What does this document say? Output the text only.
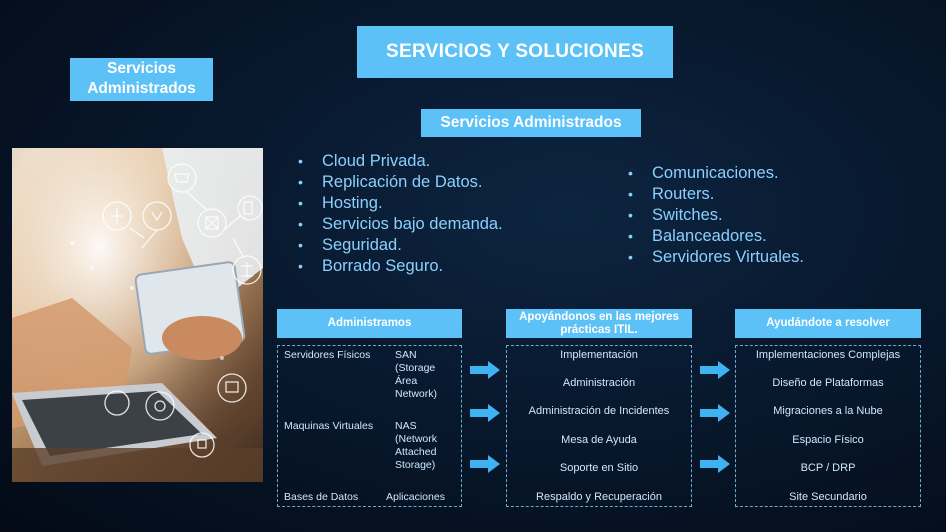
SERVICIOS Y SOLUCIONES
Servicios Administrados
Servicios Administrados
• Cloud Privada.
• Replicación de Datos.
• Hosting.
• Servicios bajo demanda.
• Seguridad.
• Borrado Seguro.
• Comunicaciones.
• Routers.
• Switches.
• Balanceadores.
• Servidores Virtuales.
Administramos
Apoyándonos en las mejores prácticas ITIL.
Ayudándote a resolver
Servidores Físicos SAN (Storage Área Network)
Maquinas Virtuales NAS (Network Attached Storage)
Bases de Datos	Aplicaciones
Implementación
Administración
Administración de Incidentes
Mesa de Ayuda
Soporte en Sitio
Respaldo y Recuperación
Implementaciones Complejas
Diseño de Plataformas
Migraciones a la Nube
Espacio Físico
BCP / DRP
Site Secundario
